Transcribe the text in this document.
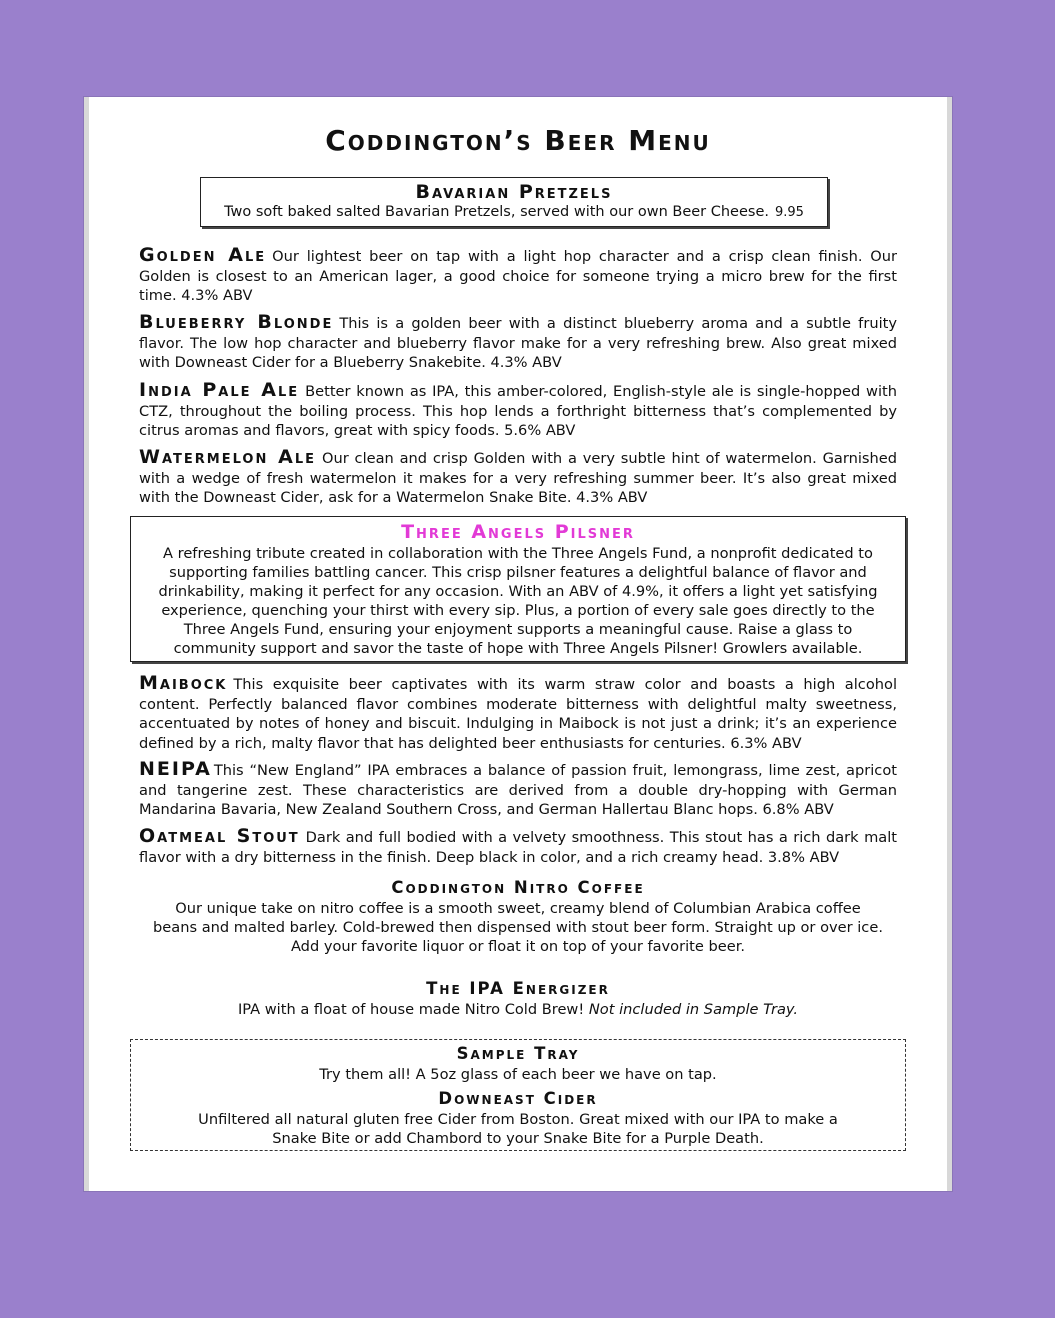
Coddington’s Beer Menu
Bavarian Pretzels
Two soft baked salted Bavarian Pretzels, served with our own Beer Cheese. 9.95
Golden Ale Our lightest beer on tap with a light hop character and a crisp clean finish. Our Golden is closest to an American lager, a good choice for someone trying a micro brew for the first time. 4.3% ABV
Blueberry Blonde This is a golden beer with a distinct blueberry aroma and a subtle fruity flavor. The low hop character and blueberry flavor make for a very refreshing brew. Also great mixed with Downeast Cider for a Blueberry Snakebite. 4.3% ABV
India Pale Ale Better known as IPA, this amber-colored, English-style ale is single-hopped with CTZ, throughout the boiling process. This hop lends a forthright bitterness that’s complemented by citrus aromas and flavors, great with spicy foods. 5.6% ABV
Watermelon Ale Our clean and crisp Golden with a very subtle hint of watermelon. Garnished with a wedge of fresh watermelon it makes for a very refreshing summer beer. It’s also great mixed with the Downeast Cider, ask for a Watermelon Snake Bite. 4.3% ABV
Three Angels Pilsner
A refreshing tribute created in collaboration with the Three Angels Fund, a nonprofit dedicated to supporting families battling cancer. This crisp pilsner features a delightful balance of flavor and drinkability, making it perfect for any occasion. With an ABV of 4.9%, it offers a light yet satisfying experience, quenching your thirst with every sip. Plus, a portion of every sale goes directly to the Three Angels Fund, ensuring your enjoyment supports a meaningful cause. Raise a glass to community support and savor the taste of hope with Three Angels Pilsner! Growlers available.
Maibock This exquisite beer captivates with its warm straw color and boasts a high alcohol content. Perfectly balanced flavor combines moderate bitterness with delightful malty sweetness, accentuated by notes of honey and biscuit. Indulging in Maibock is not just a drink; it’s an experience defined by a rich, malty flavor that has delighted beer enthusiasts for centuries. 6.3% ABV
NEIPA This “New England” IPA embraces a balance of passion fruit, lemongrass, lime zest, apricot and tangerine zest. These characteristics are derived from a double dry-hopping with German Mandarina Bavaria, New Zealand Southern Cross, and German Hallertau Blanc hops. 6.8% ABV
Oatmeal Stout Dark and full bodied with a velvety smoothness. This stout has a rich dark malt flavor with a dry bitterness in the finish. Deep black in color, and a rich creamy head. 3.8% ABV
Coddington Nitro Coffee
Our unique take on nitro coffee is a smooth sweet, creamy blend of Columbian Arabica coffee
beans and malted barley. Cold-brewed then dispensed with stout beer form. Straight up or over ice.
Add your favorite liquor or float it on top of your favorite beer.
The IPA Energizer
IPA with a float of house made Nitro Cold Brew! Not included in Sample Tray.
Sample Tray
Try them all! A 5oz glass of each beer we have on tap.
Downeast Cider
Unfiltered all natural gluten free Cider from Boston. Great mixed with our IPA to make a
Snake Bite or add Chambord to your Snake Bite for a Purple Death.
